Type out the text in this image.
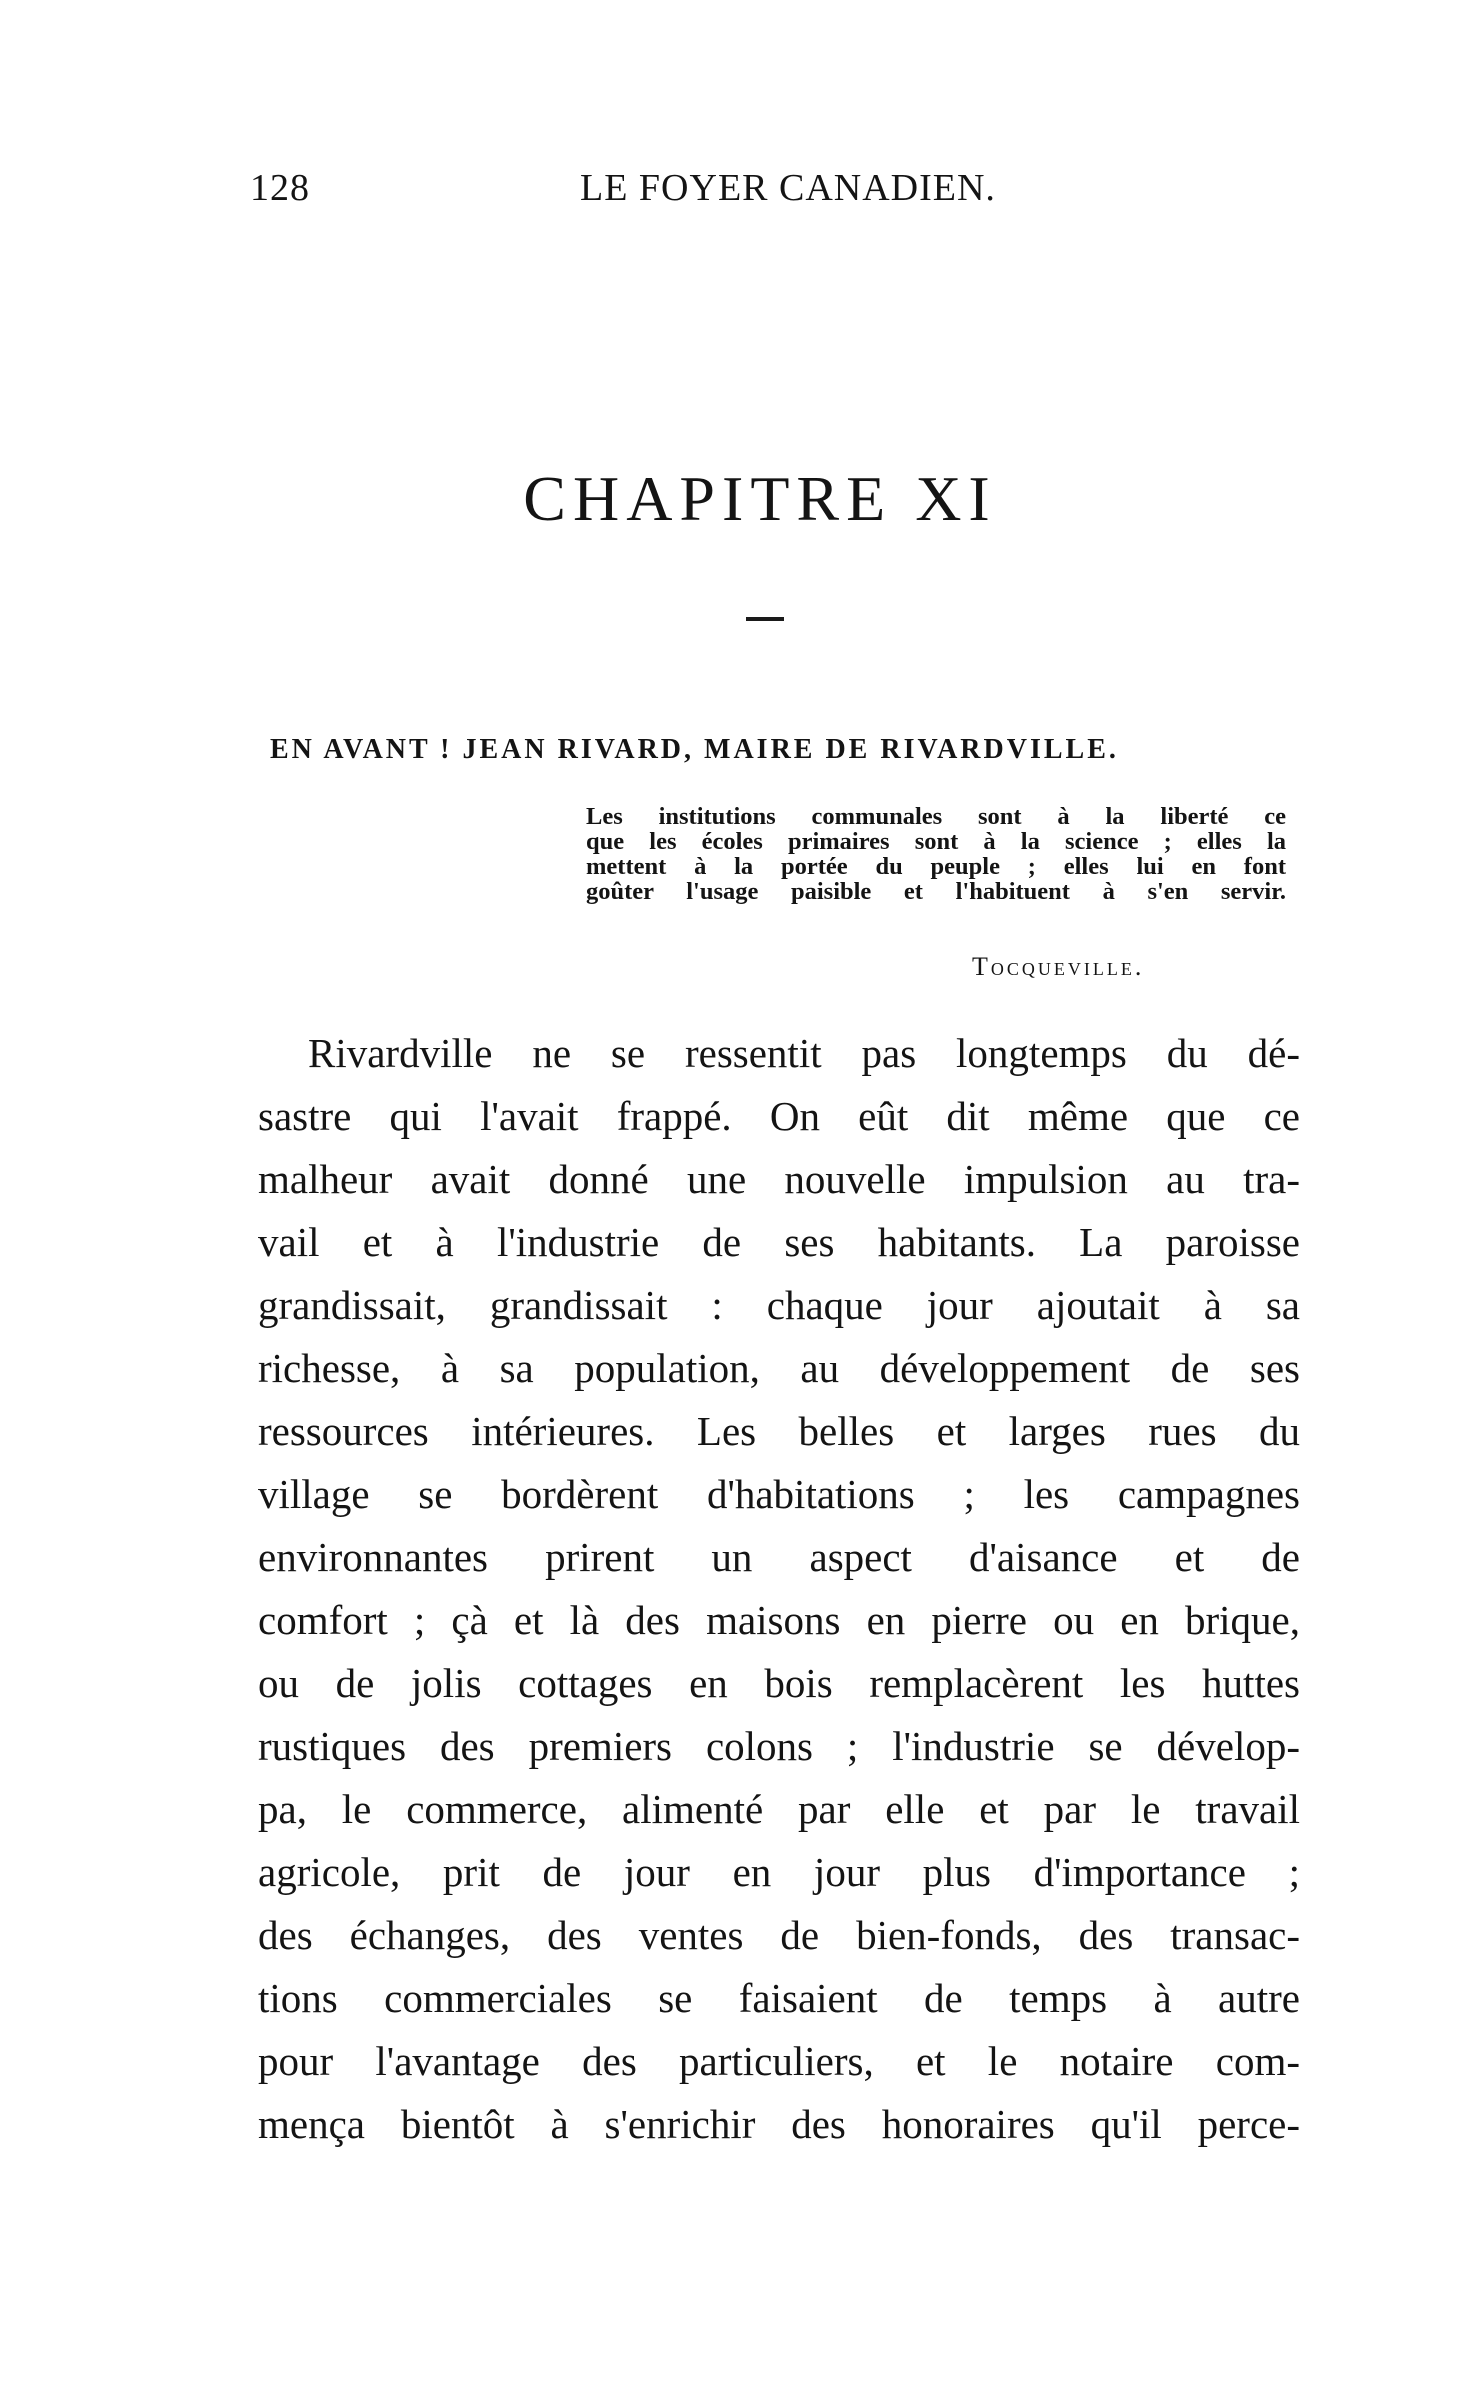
128	LE FOYER CANADIEN.
CHAPITRE XI
EN AVANT ! JEAN RIVARD, MAIRE DE RIVARDVILLE.
Les institutions communales sont à la liberté ce
que les écoles primaires sont à la science ; elles la
mettent à la portée du peuple ; elles lui en font
goûter l'usage paisible et l'habituent à s'en servir.
Tocqueville.
Rivardville ne se ressentit pas longtemps du dé-
sastre qui l'avait frappé. On eût dit même que ce
malheur avait donné une nouvelle impulsion au tra-
vail et à l'industrie de ses habitants. La paroisse
grandissait, grandissait : chaque jour ajoutait à sa
richesse, à sa population, au développement de ses
ressources intérieures. Les belles et larges rues du
village se bordèrent d'habitations ; les campagnes
environnantes prirent un aspect d'aisance et de
comfort ; çà et là des maisons en pierre ou en brique,
ou de jolis cottages en bois remplacèrent les huttes
rustiques des premiers colons ; l'industrie se dévelop-
pa, le commerce, alimenté par elle et par le travail
agricole, prit de jour en jour plus d'importance ;
des échanges, des ventes de bien-fonds, des transac-
tions commerciales se faisaient de temps à autre
pour l'avantage des particuliers, et le notaire com-
mença bientôt à s'enrichir des honoraires qu'il perce-
